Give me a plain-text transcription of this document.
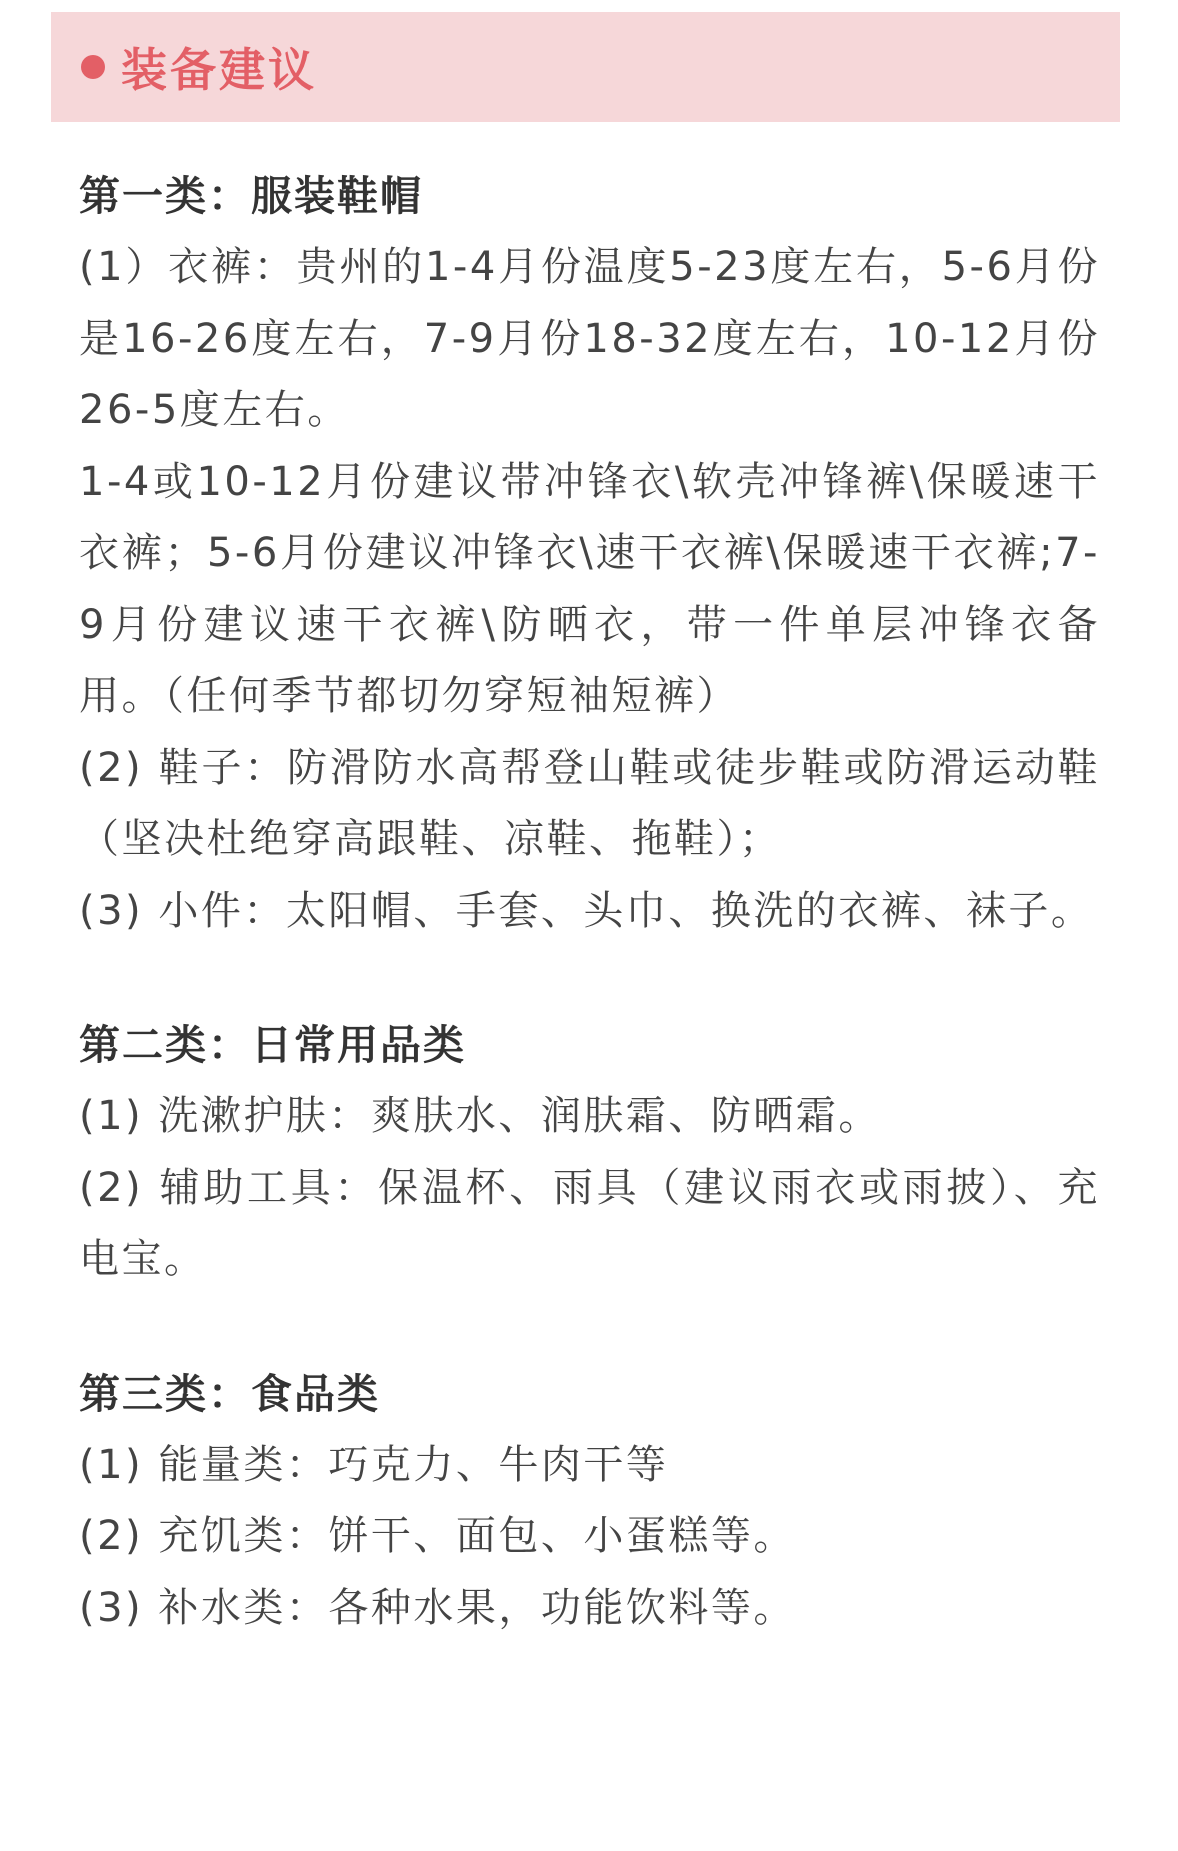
装备建议
第一类：服装鞋帽
(1）衣裤：贵州的1-4月份温度5-23度左右，5-6月份是16-26度左右，7-9月份18-32度左右，10-12月份26-5度左右。
1-4或10-12月份建议带冲锋衣\软壳冲锋裤\保暖速干衣裤；5-6月份建议冲锋衣\速干衣裤\保暖速干衣裤;7-9月份建议速干衣裤\防晒衣，带一件单层冲锋衣备用。（任何季节都切勿穿短袖短裤）
(2) 鞋子：防滑防水高帮登山鞋或徒步鞋或防滑运动鞋（坚决杜绝穿高跟鞋、凉鞋、拖鞋）；
(3) 小件：太阳帽、手套、头巾、换洗的衣裤、袜子。
第二类：日常用品类
(1) 洗漱护肤：爽肤水、润肤霜、防晒霜。
(2) 辅助工具：保温杯、雨具（建议雨衣或雨披）、充电宝。
第三类：食品类
(1) 能量类：巧克力、牛肉干等
(2) 充饥类：饼干、面包、小蛋糕等。
(3) 补水类：各种水果，功能饮料等。
